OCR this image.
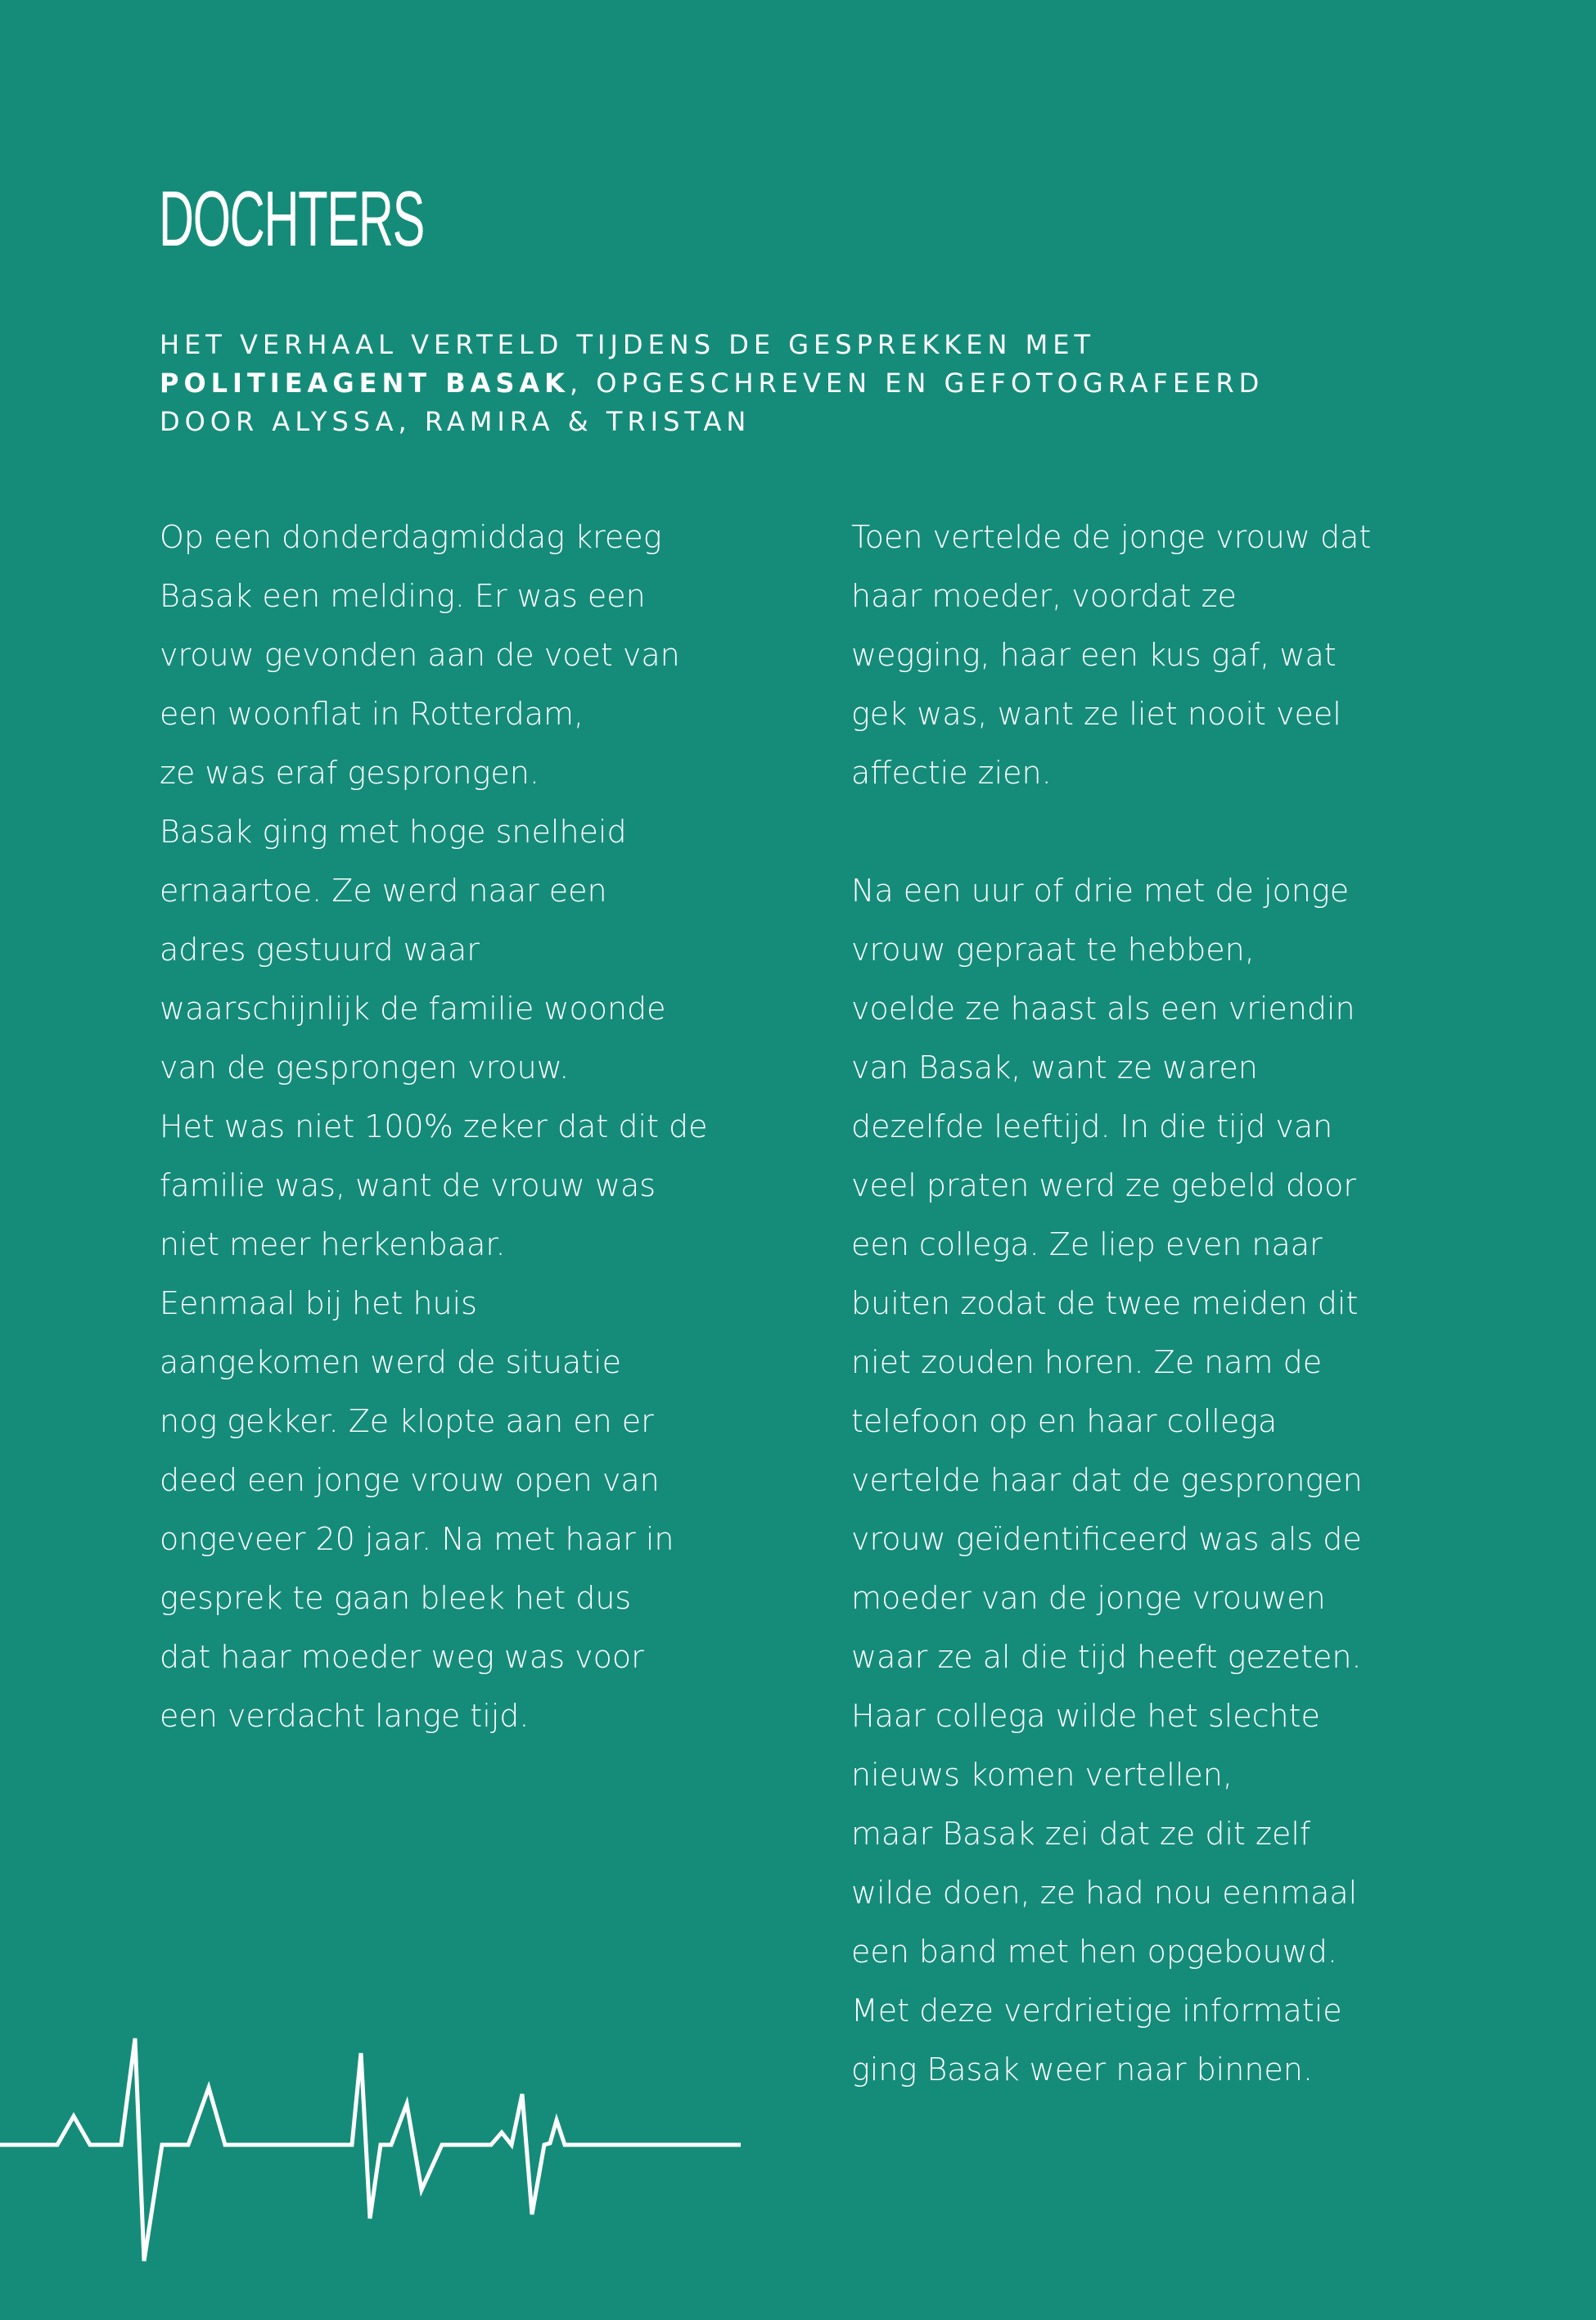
DOCHTERS
HET VERHAAL VERTELD TIJDENS DE GESPREKKEN MET
POLITIEAGENT BASAK, OPGESCHREVEN EN GEFOTOGRAFEERD
DOOR ALYSSA, RAMIRA & TRISTAN
Op een donderdagmiddag kreeg
Basak een melding. Er was een
vrouw gevonden aan de voet van
een woonflat in Rotterdam,
ze was eraf gesprongen.
Basak ging met hoge snelheid
ernaartoe. Ze werd naar een
adres gestuurd waar
waarschijnlijk de familie woonde
van de gesprongen vrouw.
Het was niet 100% zeker dat dit de
familie was, want de vrouw was
niet meer herkenbaar.
Eenmaal bij het huis
aangekomen werd de situatie
nog gekker. Ze klopte aan en er
deed een jonge vrouw open van
ongeveer 20 jaar. Na met haar in
gesprek te gaan bleek het dus
dat haar moeder weg was voor
een verdacht lange tijd.
Toen vertelde de jonge vrouw dat
haar moeder, voordat ze
wegging, haar een kus gaf, wat
gek was, want ze liet nooit veel
affectie zien.
Na een uur of drie met de jonge
vrouw gepraat te hebben,
voelde ze haast als een vriendin
van Basak, want ze waren
dezelfde leeftijd. In die tijd van
veel praten werd ze gebeld door
een collega. Ze liep even naar
buiten zodat de twee meiden dit
niet zouden horen. Ze nam de
telefoon op en haar collega
vertelde haar dat de gesprongen
vrouw geïdentificeerd was als de
moeder van de jonge vrouwen
waar ze al die tijd heeft gezeten.
Haar collega wilde het slechte
nieuws komen vertellen,
maar Basak zei dat ze dit zelf
wilde doen, ze had nou eenmaal
een band met hen opgebouwd.
Met deze verdrietige informatie
ging Basak weer naar binnen.
